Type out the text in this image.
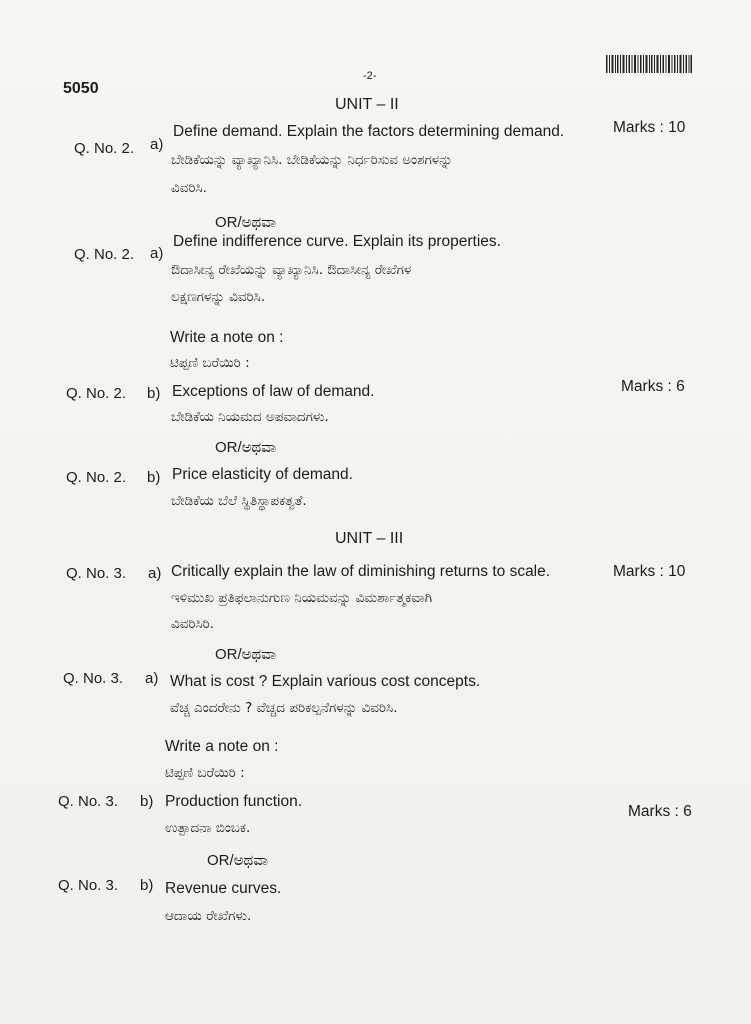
5050
-2-
UNIT – II
Q. No. 2. a)
Define demand. Explain the factors determining demand.	Marks : 10
ಬೇಡಿಕೆಯನ್ನು ವ್ಯಾಖ್ಯಾನಿಸಿ. ಬೇಡಿಕೆಯನ್ನು ನಿರ್ಧರಿಸುವ ಅಂಶಗಳನ್ನು
ವಿವರಿಸಿ.
OR/ಅಥವಾ
Q. No. 2. a)
Define indifference curve. Explain its properties.
ಔದಾಸೀನ್ಯ ರೇಖೆಯನ್ನು ವ್ಯಾಖ್ಯಾನಿಸಿ. ಔದಾಸೀನ್ಯ ರೇಖೆಗಳ
ಲಕ್ಷಣಗಳನ್ನು ವಿವರಿಸಿ.
Write a note on :
ಟಿಪ್ಪಣಿ ಬರೆಯಿರಿ :
Q. No. 2. b) Exceptions of law of demand.	Marks : 6
ಬೇಡಿಕೆಯ ನಿಯಮದ ಅಪವಾದಗಳು.
OR/ಅಥವಾ
Q. No. 2. b) Price elasticity of demand.
ಬೇಡಿಕೆಯ ಬೆಲೆ ಸ್ಥಿತಿಸ್ಥಾಪಕತ್ವತೆ.
UNIT – III
Q. No. 3. a) Critically explain the law of diminishing returns to scale.	Marks : 10
ಇಳಿಮುಖ ಪ್ರತಿಫಲಾನುಗುಣ ನಿಯಮವನ್ನು ವಿಮರ್ಶಾತ್ಮಕವಾಗಿ
ವಿವರಿಸಿರಿ.
OR/ಅಥವಾ
Q. No. 3. a) What is cost ? Explain various cost concepts.
ವೆಚ್ಚ ಎಂದರೇನು ? ವೆಚ್ಚದ ಪರಿಕಲ್ಪನೆಗಳನ್ನು ವಿವರಿಸಿ.
Write a note on :
ಟಿಪ್ಪಣಿ ಬರೆಯಿರಿ :
Q. No. 3. b) Production function.
Marks : 6
ಉತ್ಪಾದನಾ ಬಿಂಬಕ.
OR/ಅಥವಾ
Q. No. 3. b) Revenue curves.
ಆದಾಯ ರೇಖೆಗಳು.
